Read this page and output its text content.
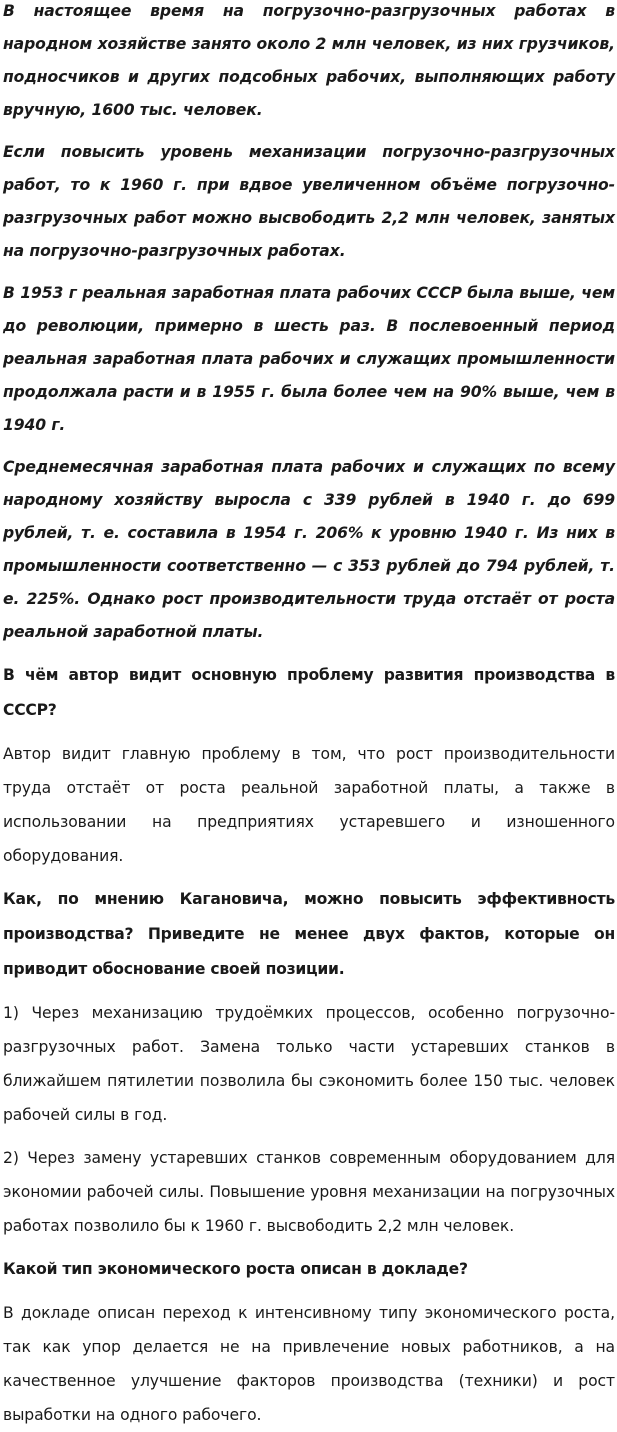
В настоящее время на погрузочно-разгрузочных работах в народном хозяйстве занято около 2 млн человек, из них грузчиков, подносчиков и других подсобных рабочих, выполняющих работу вручную, 1600 тыс. человек.

Если повысить уровень механизации погрузочно-разгрузочных работ, то к 1960 г. при вдвое увеличенном объёме погрузочно-разгрузочных работ можно высвободить 2,2 млн человек, занятых на погрузочно-разгрузочных работах.

В 1953 г реальная заработная плата рабочих СССР была выше, чем до революции, примерно в шесть раз. В послевоенный период реальная заработная плата рабочих и служащих промышленности продолжала расти и в 1955 г. была более чем на 90% выше, чем в 1940 г.

Среднемесячная заработная плата рабочих и служащих по всему народному хозяйству выросла с 339 рублей в 1940 г. до 699 рублей, т. е. составила в 1954 г. 206% к уровню 1940 г. Из них в промышленности соответственно — с 353 рублей до 794 рублей, т. е. 225%. Однако рост производительности труда отстаёт от роста реальной заработной платы.

В чём автор видит основную проблему развития производства в СССР?

Автор видит главную проблему в том, что рост производительности труда отстаёт от роста реальной заработной платы, а также в использовании на предприятиях устаревшего и изношенного оборудования.

Как, по мнению Кагановича, можно повысить эффективность производства? Приведите не менее двух фактов, которые он приводит обоснование своей позиции.

1) Через механизацию трудоёмких процессов, особенно погрузочно-разгрузочных работ. Замена только части устаревших станков в ближайшем пятилетии позволила бы сэкономить более 150 тыс. человек рабочей силы в год.

2) Через замену устаревших станков современным оборудованием для экономии рабочей силы. Повышение уровня механизации на погрузочных работах позволило бы к 1960 г. высвободить 2,2 млн человек.

Какой тип экономического роста описан в докладе?

В докладе описан переход к интенсивному типу экономического роста, так как упор делается не на привлечение новых работников, а на качественное улучшение факторов производства (техники) и рост выработки на одного рабочего.
